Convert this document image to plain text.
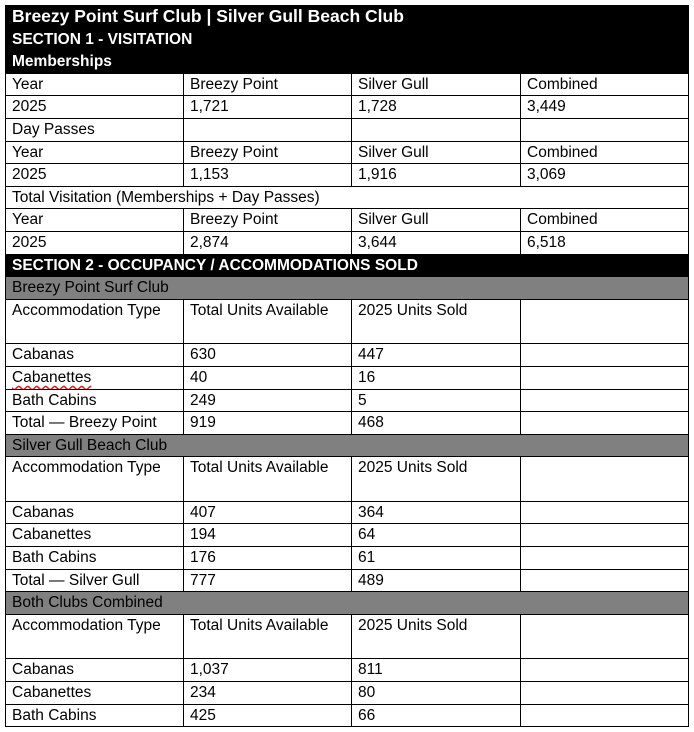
Breezy Point Surf Club | Silver Gull Beach Club			
SECTION 1 - VISITATION			
Memberships			
Year	Breezy Point	Silver Gull	Combined
2025	1,721	1,728	3,449
Day Passes			
Year	Breezy Point	Silver Gull	Combined
2025	1,153	1,916	3,069
Total Visitation (Memberships + Day Passes)			
Year	Breezy Point	Silver Gull	Combined
2025	2,874	3,644	6,518
SECTION 2 - OCCUPANCY / ACCOMMODATIONS SOLD			
Breezy Point Surf Club			
Accommodation Type	Total Units Available	2025 Units Sold	
Cabanas	630	447	
Cabanettes	40	16	
Bath Cabins	249	5	
Total — Breezy Point	919	468	
Silver Gull Beach Club			
Accommodation Type	Total Units Available	2025 Units Sold	
Cabanas	407	364	
Cabanettes	194	64	
Bath Cabins	176	61	
Total — Silver Gull	777	489	
Both Clubs Combined			
Accommodation Type	Total Units Available	2025 Units Sold	
Cabanas	1,037	811	
Cabanettes	234	80	
Bath Cabins	425	66	
